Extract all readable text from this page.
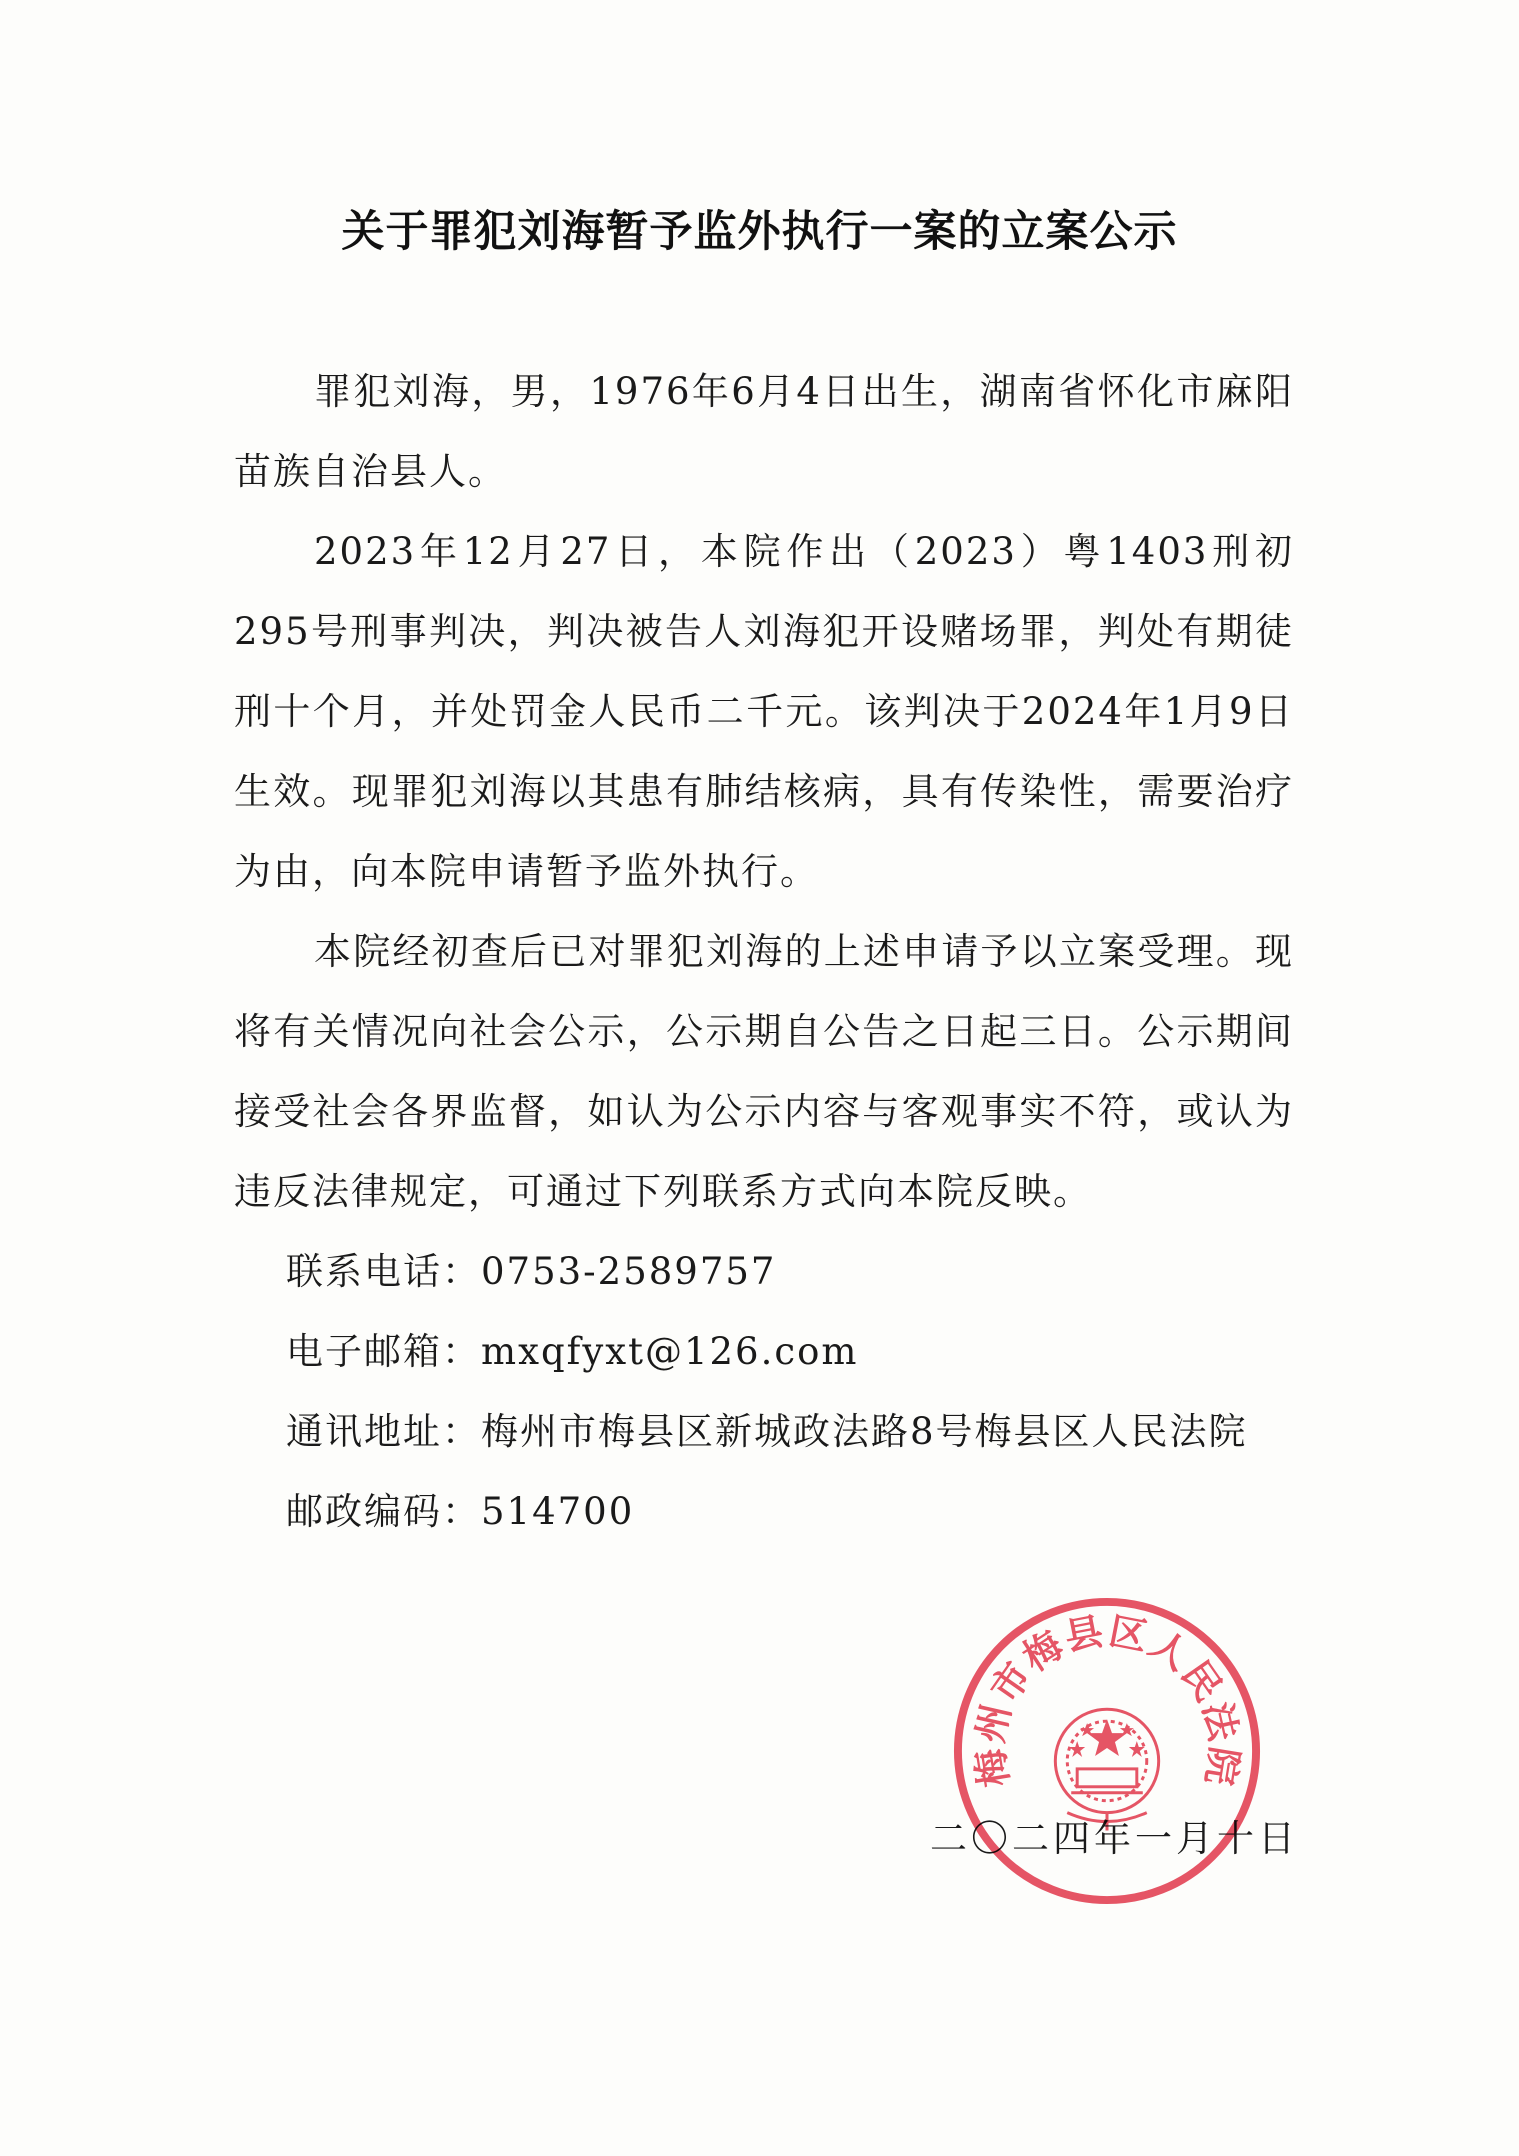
关于罪犯刘海暂予监外执行一案的立案公示

罪犯刘海，男，1976年6月4日出生，湖南省怀化市麻阳苗族自治县人。

2023年12月27日，本院作出（2023）粤1403刑初295号刑事判决，判决被告人刘海犯开设赌场罪，判处有期徒刑十个月，并处罚金人民币二千元。该判决于2024年1月9日生效。现罪犯刘海以其患有肺结核病，具有传染性，需要治疗为由，向本院申请暂予监外执行。

本院经初查后已对罪犯刘海的上述申请予以立案受理。现将有关情况向社会公示，公示期自公告之日起三日。公示期间接受社会各界监督，如认为公示内容与客观事实不符，或认为违反法律规定，可通过下列联系方式向本院反映。

联系电话：0753-2589757

电子邮箱：mxqfyxt@126.com

通讯地址：梅州市梅县区新城政法路8号梅县区人民法院

邮政编码：514700

二〇二四年一月十日
梅州市梅县区人民法院
